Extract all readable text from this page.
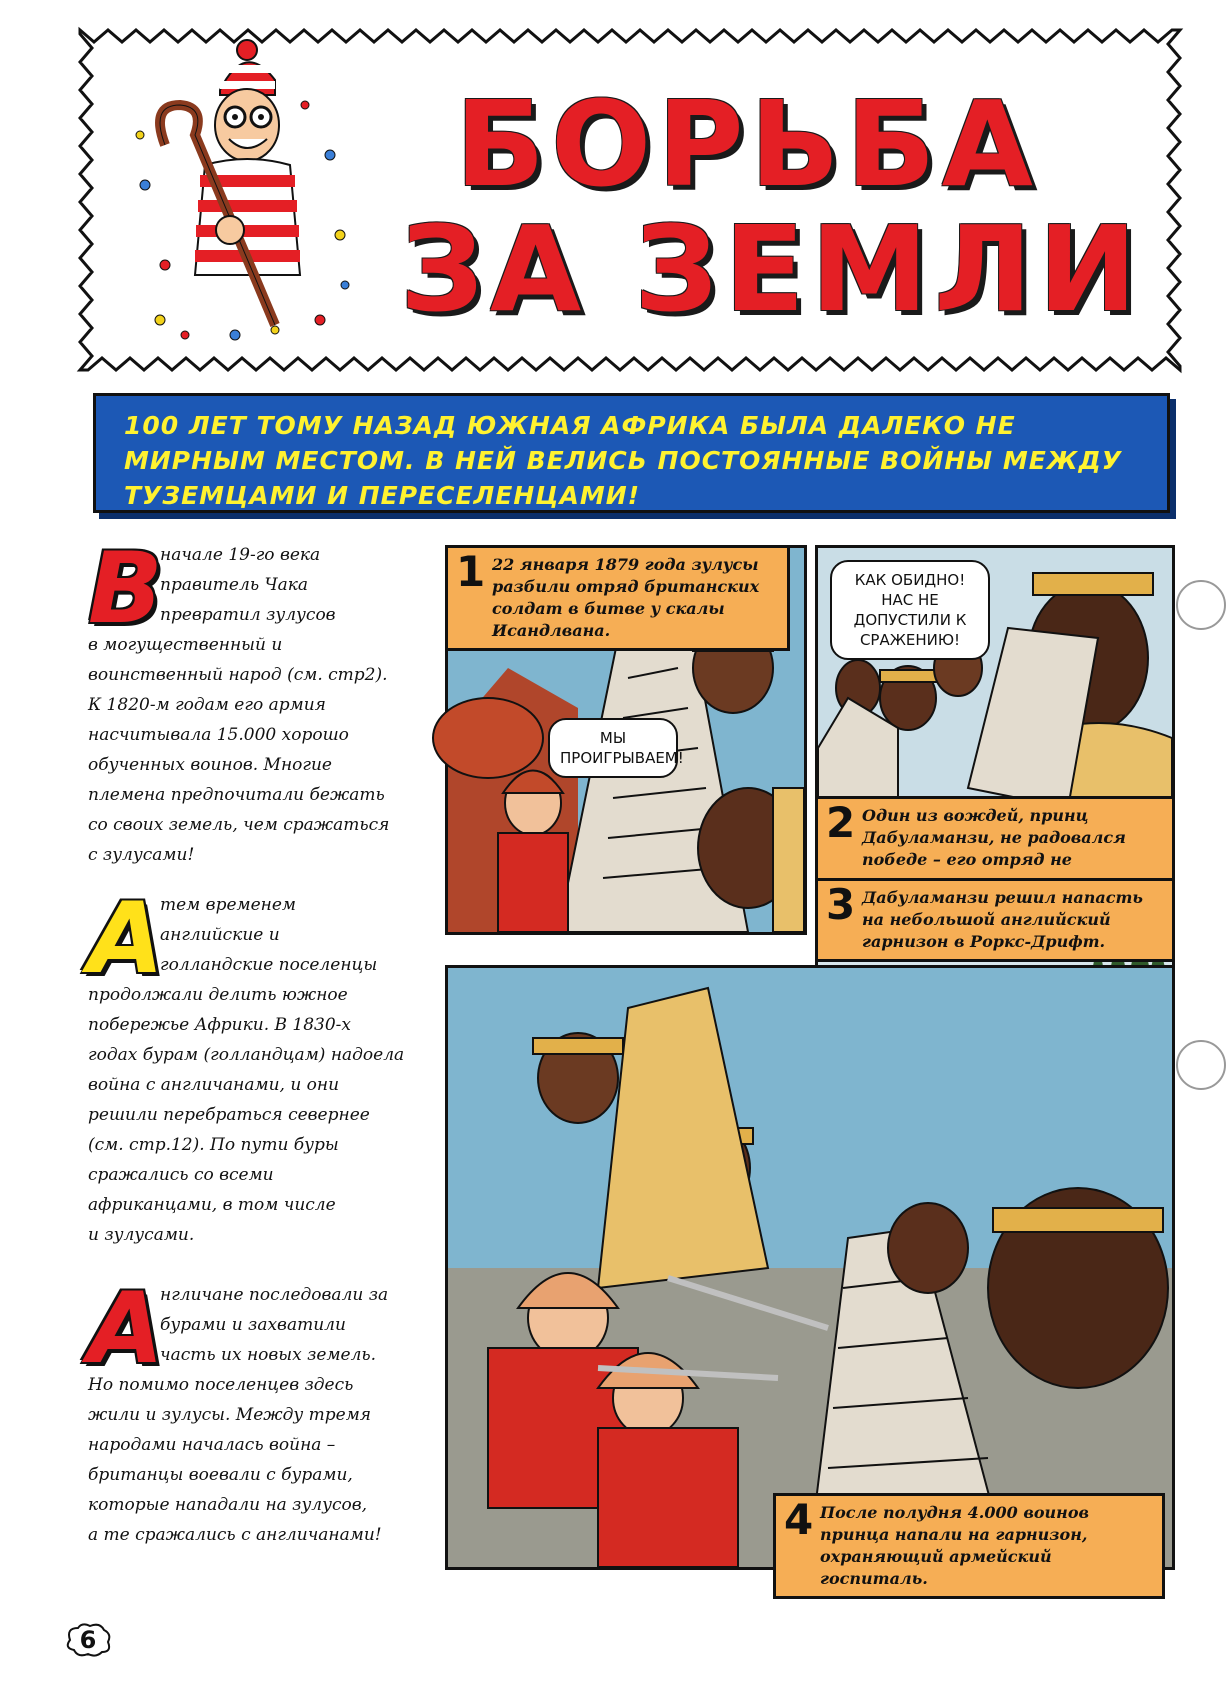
БОРЬБА
ЗА ЗЕМЛИ
100 ЛЕТ ТОМУ НАЗАД ЮЖНАЯ АФРИКА БЫЛА ДАЛЕКО НЕ МИРНЫМ МЕСТОМ. В НЕЙ ВЕЛИСЬ ПОСТОЯННЫЕ ВОЙНЫ МЕЖДУ ТУЗЕМЦАМИ И ПЕРЕСЕЛЕНЦАМИ!
В
начале 19-го века
правитель Чака
превратил зулусов
в могущественный и
воинственный народ (см. стр2).
К 1820-м годам его армия
насчитывала 15.000 хорошо
обученных воинов. Многие
племена предпочитали бежать
со своих земель, чем сражаться
с зулусами!
А
тем временем
английские и
голландские поселенцы
продолжали делить южное
побережье Африки. В 1830-х
годах бурам (голландцам) надоела
война с англичанами, и они
решили перебраться севернее
(см. стр.12). По пути буры
сражались со всеми
африканцами, в том числе
и зулусами.
А
нгличане последовали за
бурами и захватили
часть их новых земель.
Но помимо поселенцев здесь
жили и зулусы. Между тремя
народами началась война –
британцы воевали с бурами,
которые нападали на зулусов,
а те сражались с англичанами!
1 22 января 1879 года зулусы разбили отряд британских солдат в битве у скалы Исандлвана.
МЫ ПРОИГРЫВАЕМ!
КАК ОБИДНО! НАС НЕ ДОПУСТИЛИ К СРАЖЕНИЮ!
2 Один из вождей, принц Дабуламанзи, не радовался победе – его отряд не
3 Дабуламанзи решил напасть на небольшой английский гарнизон в Роркс-Дрифт.
4 После полудня 4.000 воинов принца напали на гарнизон, охраняющий армейский госпиталь.
6
